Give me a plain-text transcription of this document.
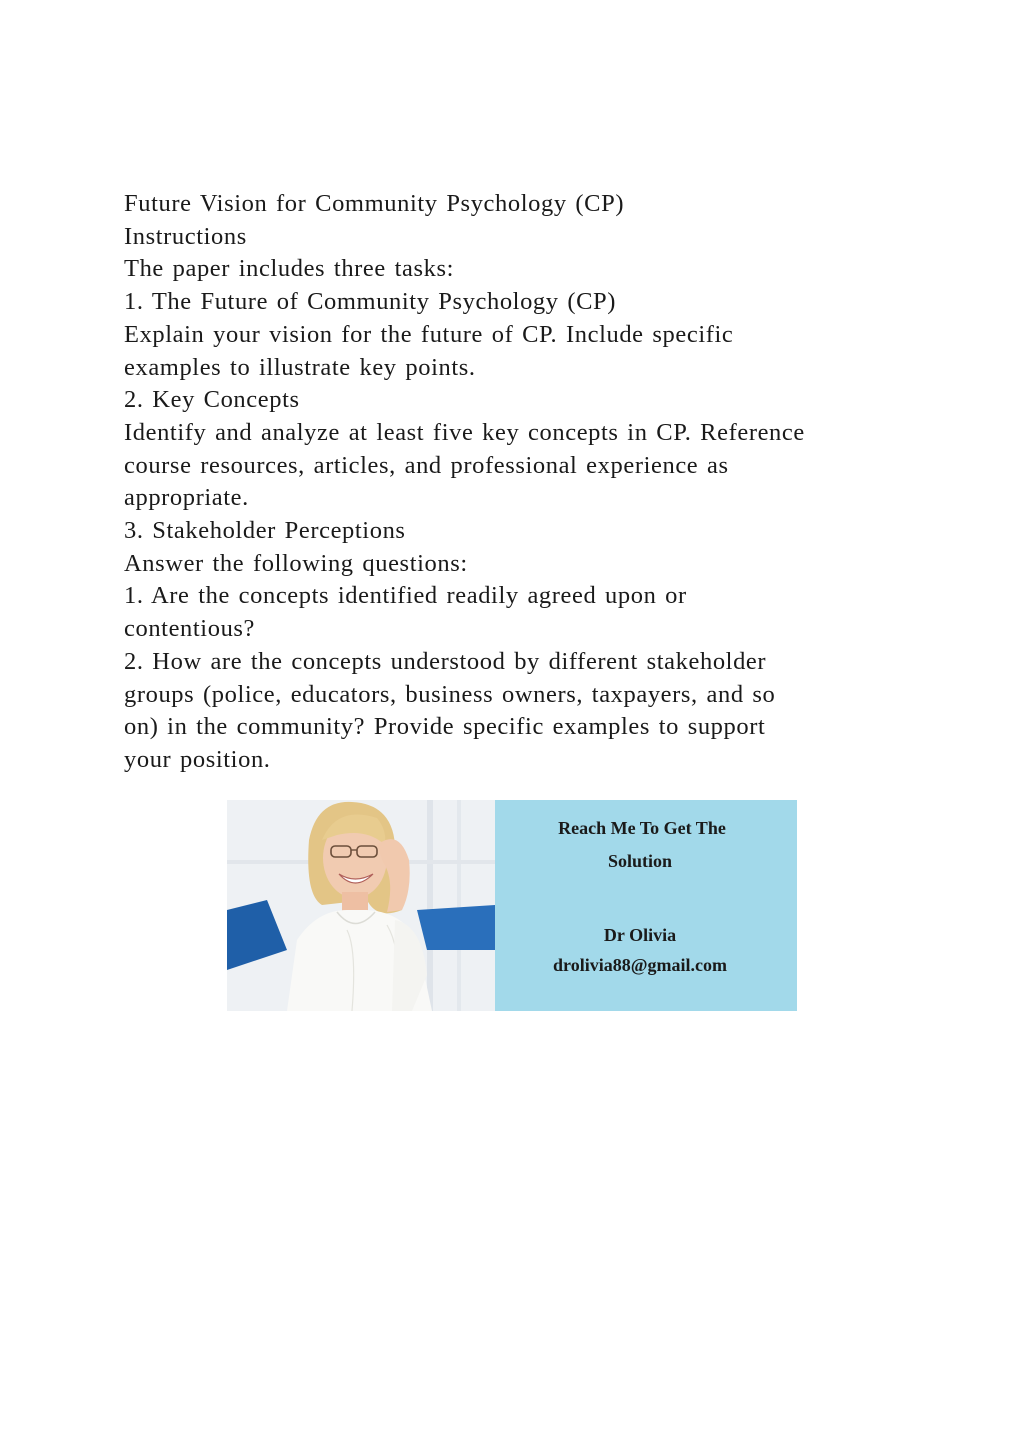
Future Vision for Community Psychology (CP)
Instructions
The paper includes three tasks:
1. The Future of Community Psychology (CP)
Explain your vision for the future of CP. Include specific
examples to illustrate key points.
2. Key Concepts
Identify and analyze at least five key concepts in CP. Reference
course resources, articles, and professional experience as
appropriate.
3. Stakeholder Perceptions
Answer the following questions:
1. Are the concepts identified readily agreed upon or
contentious?
2. How are the concepts understood by different stakeholder
groups (police, educators, business owners, taxpayers, and so
on) in the community? Provide specific examples to support
your position.
Reach Me To Get The
Solution
Dr Olivia
drolivia88@gmail.com
